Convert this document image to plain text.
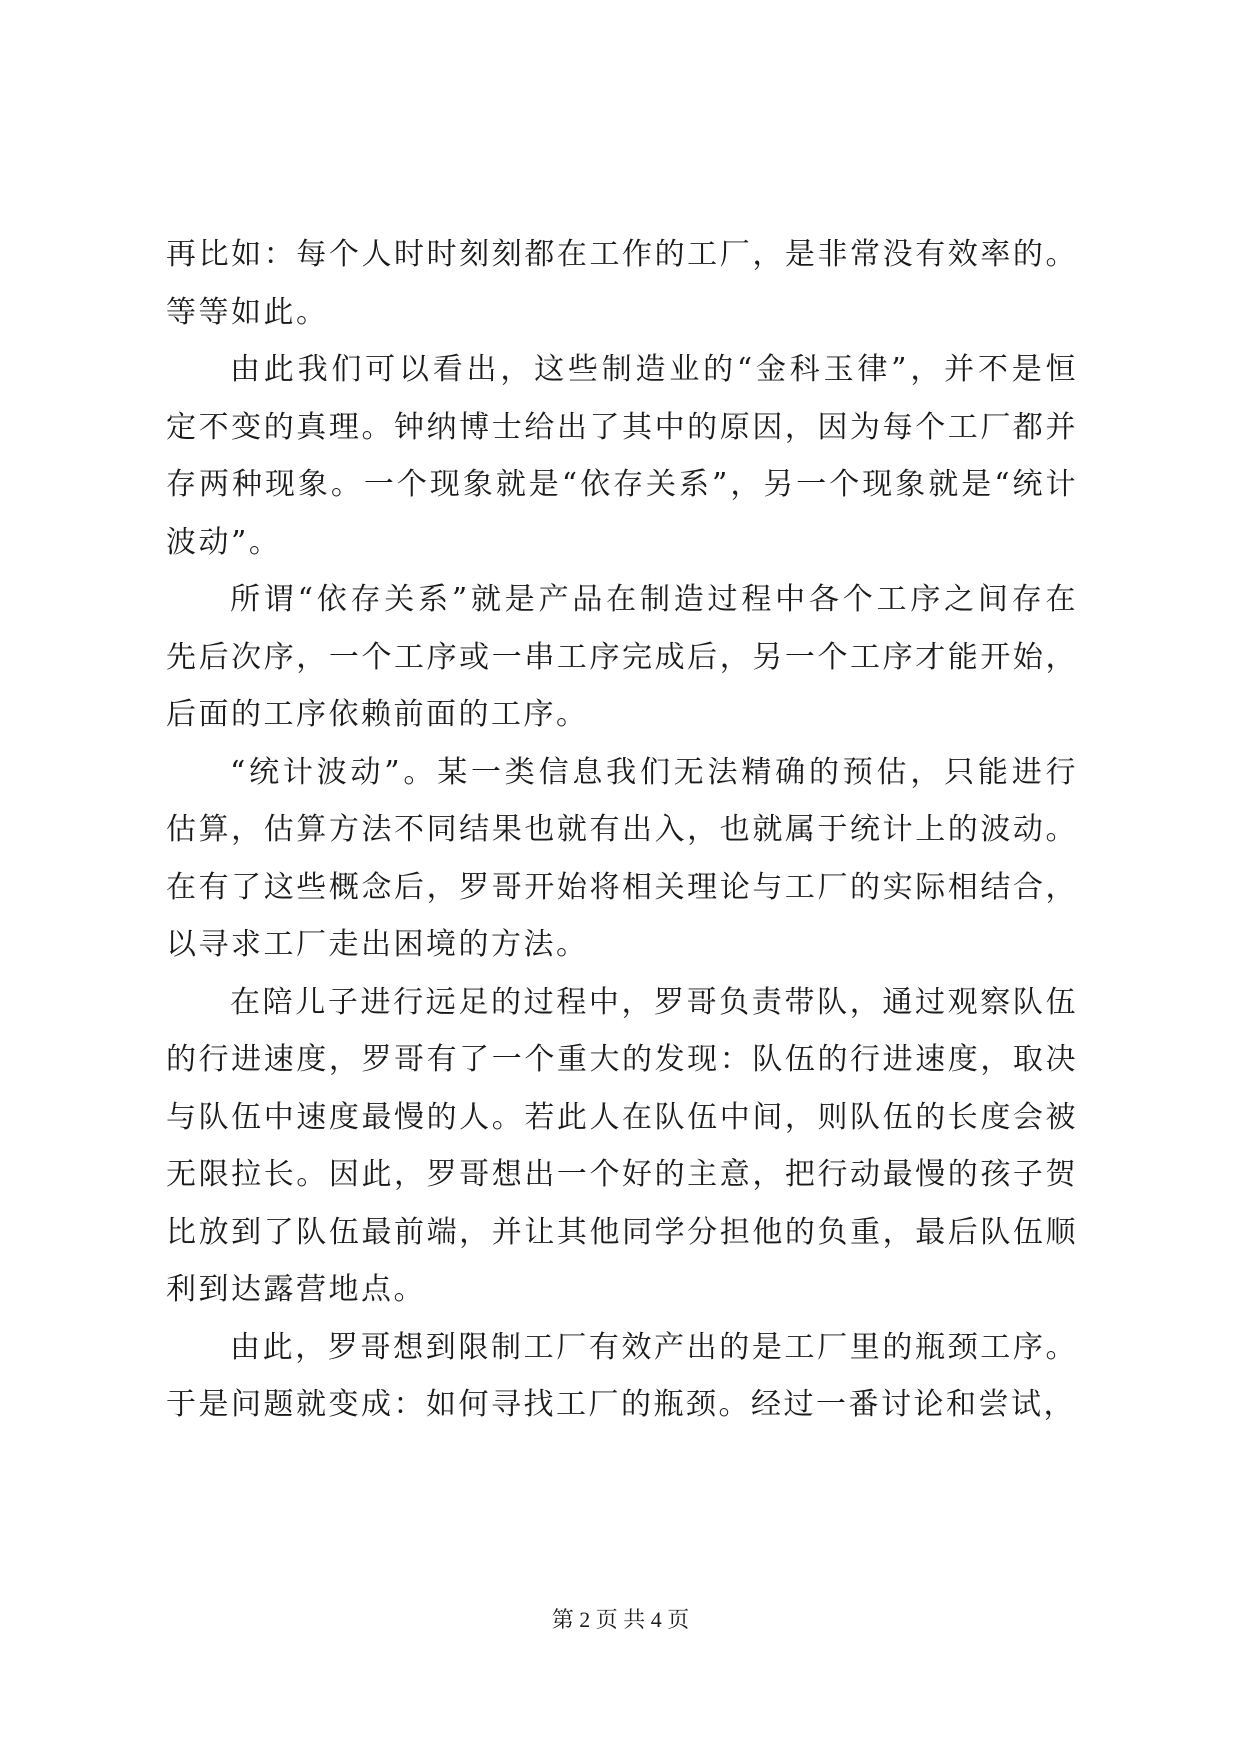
再比如：每个人时时刻刻都在工作的工厂，是非常没有效率的。等等如此。

由此我们可以看出，这些制造业的“金科玉律”，并不是恒定不变的真理。钟纳博士给出了其中的原因，因为每个工厂都并存两种现象。一个现象就是“依存关系”，另一个现象就是“统计波动”。

所谓“依存关系”就是产品在制造过程中各个工序之间存在先后次序，一个工序或一串工序完成后，另一个工序才能开始，后面的工序依赖前面的工序。

“统计波动”。某一类信息我们无法精确的预估，只能进行估算，估算方法不同结果也就有出入，也就属于统计上的波动。在有了这些概念后，罗哥开始将相关理论与工厂的实际相结合，以寻求工厂走出困境的方法。

在陪儿子进行远足的过程中，罗哥负责带队，通过观察队伍的行进速度，罗哥有了一个重大的发现：队伍的行进速度，取决与队伍中速度最慢的人。若此人在队伍中间，则队伍的长度会被无限拉长。因此，罗哥想出一个好的主意，把行动最慢的孩子贺比放到了队伍最前端，并让其他同学分担他的负重，最后队伍顺利到达露营地点。

由此，罗哥想到限制工厂有效产出的是工厂里的瓶颈工序。于是问题就变成：如何寻找工厂的瓶颈。经过一番讨论和尝试，

第 2 页 共 4 页
